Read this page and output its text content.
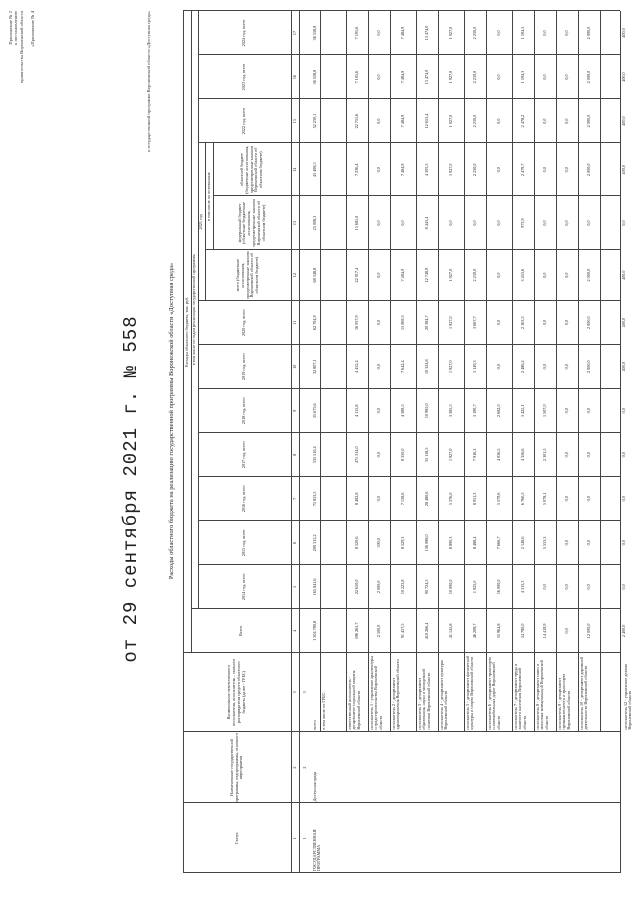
Приложение № 2 к постановлению правительства Воронежской области «Приложение № 4
от 29 сентября 2021 г. № 558
к государственной программе Воронежской области «Доступная среда»
Расходы областного бюджета на реализацию государственной программы Воронежской области «Доступная среда»
Статус
Наименование государственной программы, подпрограммы, основного мероприятия
Наименование ответственного исполнителя, исполнителя – главного распорядителя средств областного бюджета (далее - ГРБС)
Расходы областного бюджета, тыс. руб.
Всего
в том числе по годам реализации государственной программы
2014 год, всего
2015 год, всего
2016 год, всего
2017 год, всего
2018 год, всего
2019 год, всего
2020 год, всего
2021 год
всего (бюджетные ассигнования, предусмотренные законом Воронежской области об областном бюджете)
в том числе по источникам:
федеральный бюджет (областные бюджетные ассигнования, предусмотренные законом Воронежской области об областном бюджете)
областной бюджет (бюджетные ассигнования, предусмотренные законом Воронежской области об областном бюджете)
2022 год, всего
2023 год, всего
2024 год, всего
1
2
3
4
5
6
7
8
9
10
11
12
13
14
15
16
17
1
2
3
ГОСУДАРСТВЕННАЯ ПРОГРАММА
Доступная среда
всего
1 304 780,8
165 841,6
200 315,2
75 853,5
535 510,4
35 675,6
32 807,1
62 704,9
68 348,8
25 008,3
43 408,5
52 230,1
36 558,8
36 558,8
в том числе по ГРБС:	ответственный исполнитель - департамент социальной защиты Воронежской области
596 265,7
22 650,0
8 520,6
8 482,8
471 314,0
4 115,8
4 452,4
16 937,9
22 917,4
15 681,0
7 236,4
22 751,6
7 105,6
7 105,6
исполнитель 1 - управление архитектуры и градостроительства Воронежской области
2 500,0
2 000,0
500,0
0,0
0,0
0,0
0,0
0,0
0,0
0,0
0,0
0,0
0,0
0,0
исполнитель 2 - департамент здравоохранения Воронежской области
91 457,5
10 223,8
8 529,3
7 138,6
8 350,0
4 389,5
7 642,4
15 069,3
7 484,9
0,0
7 484,9
7 484,9
7 484,9
7 484,9
исполнитель 3 - департамент образования, науки и молодежной политики Воронежской области
410 266,4
90 724,5
156 088,0
28 480,6
35 118,5
10 985,0
10 324,8
20 384,7
12 748,9
8 443,4
4 305,5
12 653,4
13 474,0
13 474,0
исполнитель 4 - департамент культуры Воронежской области
41 145,8
10 000,0
8 890,3
5 376,0
1 927,0
3 385,5
1 927,0
1 927,0
1 927,0
0,0
1 927,0
1 927,0
1 927,0
1 927,0
исполнитель 5 - департамент физической культуры и спорта Воронежской области
46 208,7
1 925,0
8 488,4
8 951,3
7 916,3
3 190,7
3 149,3
3 667,7
2 230,0
0,0
2 230,0
2 230,0
2 230,0
2 230,0
исполнитель 6 - департамент транспорта и автомобильных дорог Воронежской области
35 964,8
16 000,0
7 666,7
5 579,6
4 036,5
2 682,0
0,0
0,0
0,0
0,0
0,0
0,0
0,0
0,0
исполнитель 7 - департамент труда и занятости населения Воронежской области
34 780,0
4 313,3
2 148,6
6 766,5
4 356,6
3 425,1
2 486,2
2 163,3
3 453,6
973,9
2 479,7
2 478,2
1 594,3
1 594,3
исполнитель 8 - департамент связи и массовых коммуникаций Воронежской области
14 419,9
0,0
5 533,3
5 078,1
2 301,5
1 507,0
0,0
0,0
0,0
0,0
0,0
0,0
0,0
0,0
исполнитель 9 - департамент промышленности и транспорта Воронежской области
0,0
0,0
0,0
0,0
0,0
0,0
0,0
0,0
0,0
0,0
0,0
0,0
0,0
0,0
исполнитель 10 - департамент дорожной деятельности Воронежской области
12 000,0
0,0
0,0
0,0
0,0
0,0
2 000,0
2 000,0
2 000,0
0,0
2 000,0
2 000,0
2 000,0
2 000,0
исполнитель 12 - управление делами Воронежской области
2 400,0
0,0
0,0
0,0
0,0
0,0
400,0
400,0
400,0
0,0
400,0
400,0
400,0
400,0
